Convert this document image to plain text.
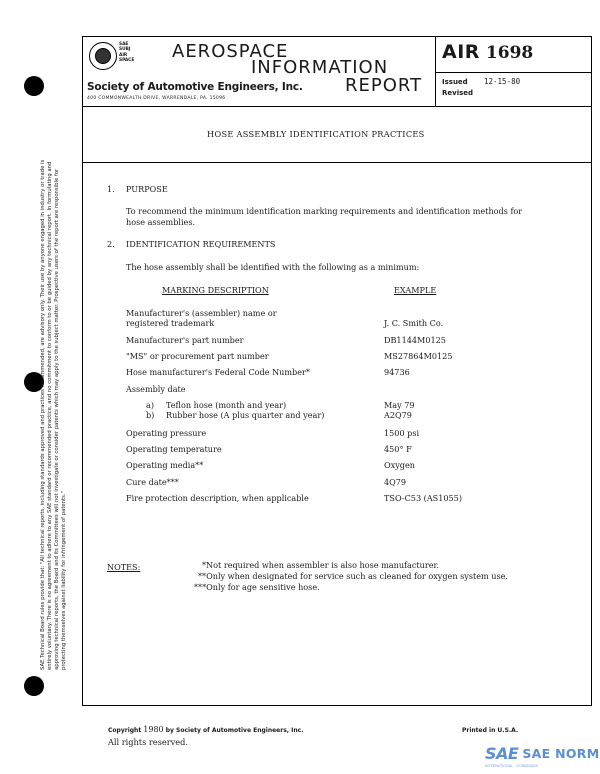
SAE Technical Board rules provide that: "All technical reports, including standards approved and practices recommended, are advisory only. Their use by anyone engaged in industry or trade is entirely voluntary. There is no agreement to adhere to any SAE standard or recommended practice, and no commitment to conform to or be guided by any technical report. In formulating and approving technical reports, the Board and its Committees will not investigate or consider patents which may apply to the subject matter. Prospective users of the report are responsible for protecting themselves against liability for infringement of patents."
SAE
SUBJ
AIR
SPACE AEROSPACE
INFORMATION
REPORT
Society of Automotive Engineers, Inc.
400 COMMONWEALTH DRIVE, WARRENDALE, PA. 15096
AIR 1698
Issued
Revised
12-15-80
HOSE ASSEMBLY IDENTIFICATION PRACTICES
1. PURPOSE
To recommend the minimum identification marking requirements and identification methods for
hose assemblies.
2. IDENTIFICATION REQUIREMENTS
The hose assembly shall be identified with the following as a minimum:
MARKING DESCRIPTION	EXAMPLE
Manufacturer's (assembler) name or
registered trademark	J. C. Smith Co.
Manufacturer's part number	DB1144M0125
"MS" or procurement part number	MS27864M0125
Hose manufacturer's Federal Code Number*	94736
Assembly date
a) Teflon hose (month and year)	May 79
b) Rubber hose (A plus quarter and year)	A2Q79
Operating pressure	1500 psi
Operating temperature	450° F
Operating media**	Oxygen
Cure date***	4Q79
Fire protection description, when applicable	TSO-C53 (AS1055)
NOTES:	*Not required when assembler is also hose manufacturer.
**Only when designated for service such as cleaned for oxygen system use.
***Only for age sensitive hose.
Copyright 1980 by Society of Automotive Engineers, Inc.
All rights reserved.
Printed in U.S.A.
SAE SAE NORM
INTERNATIONAL · STANDARDS
